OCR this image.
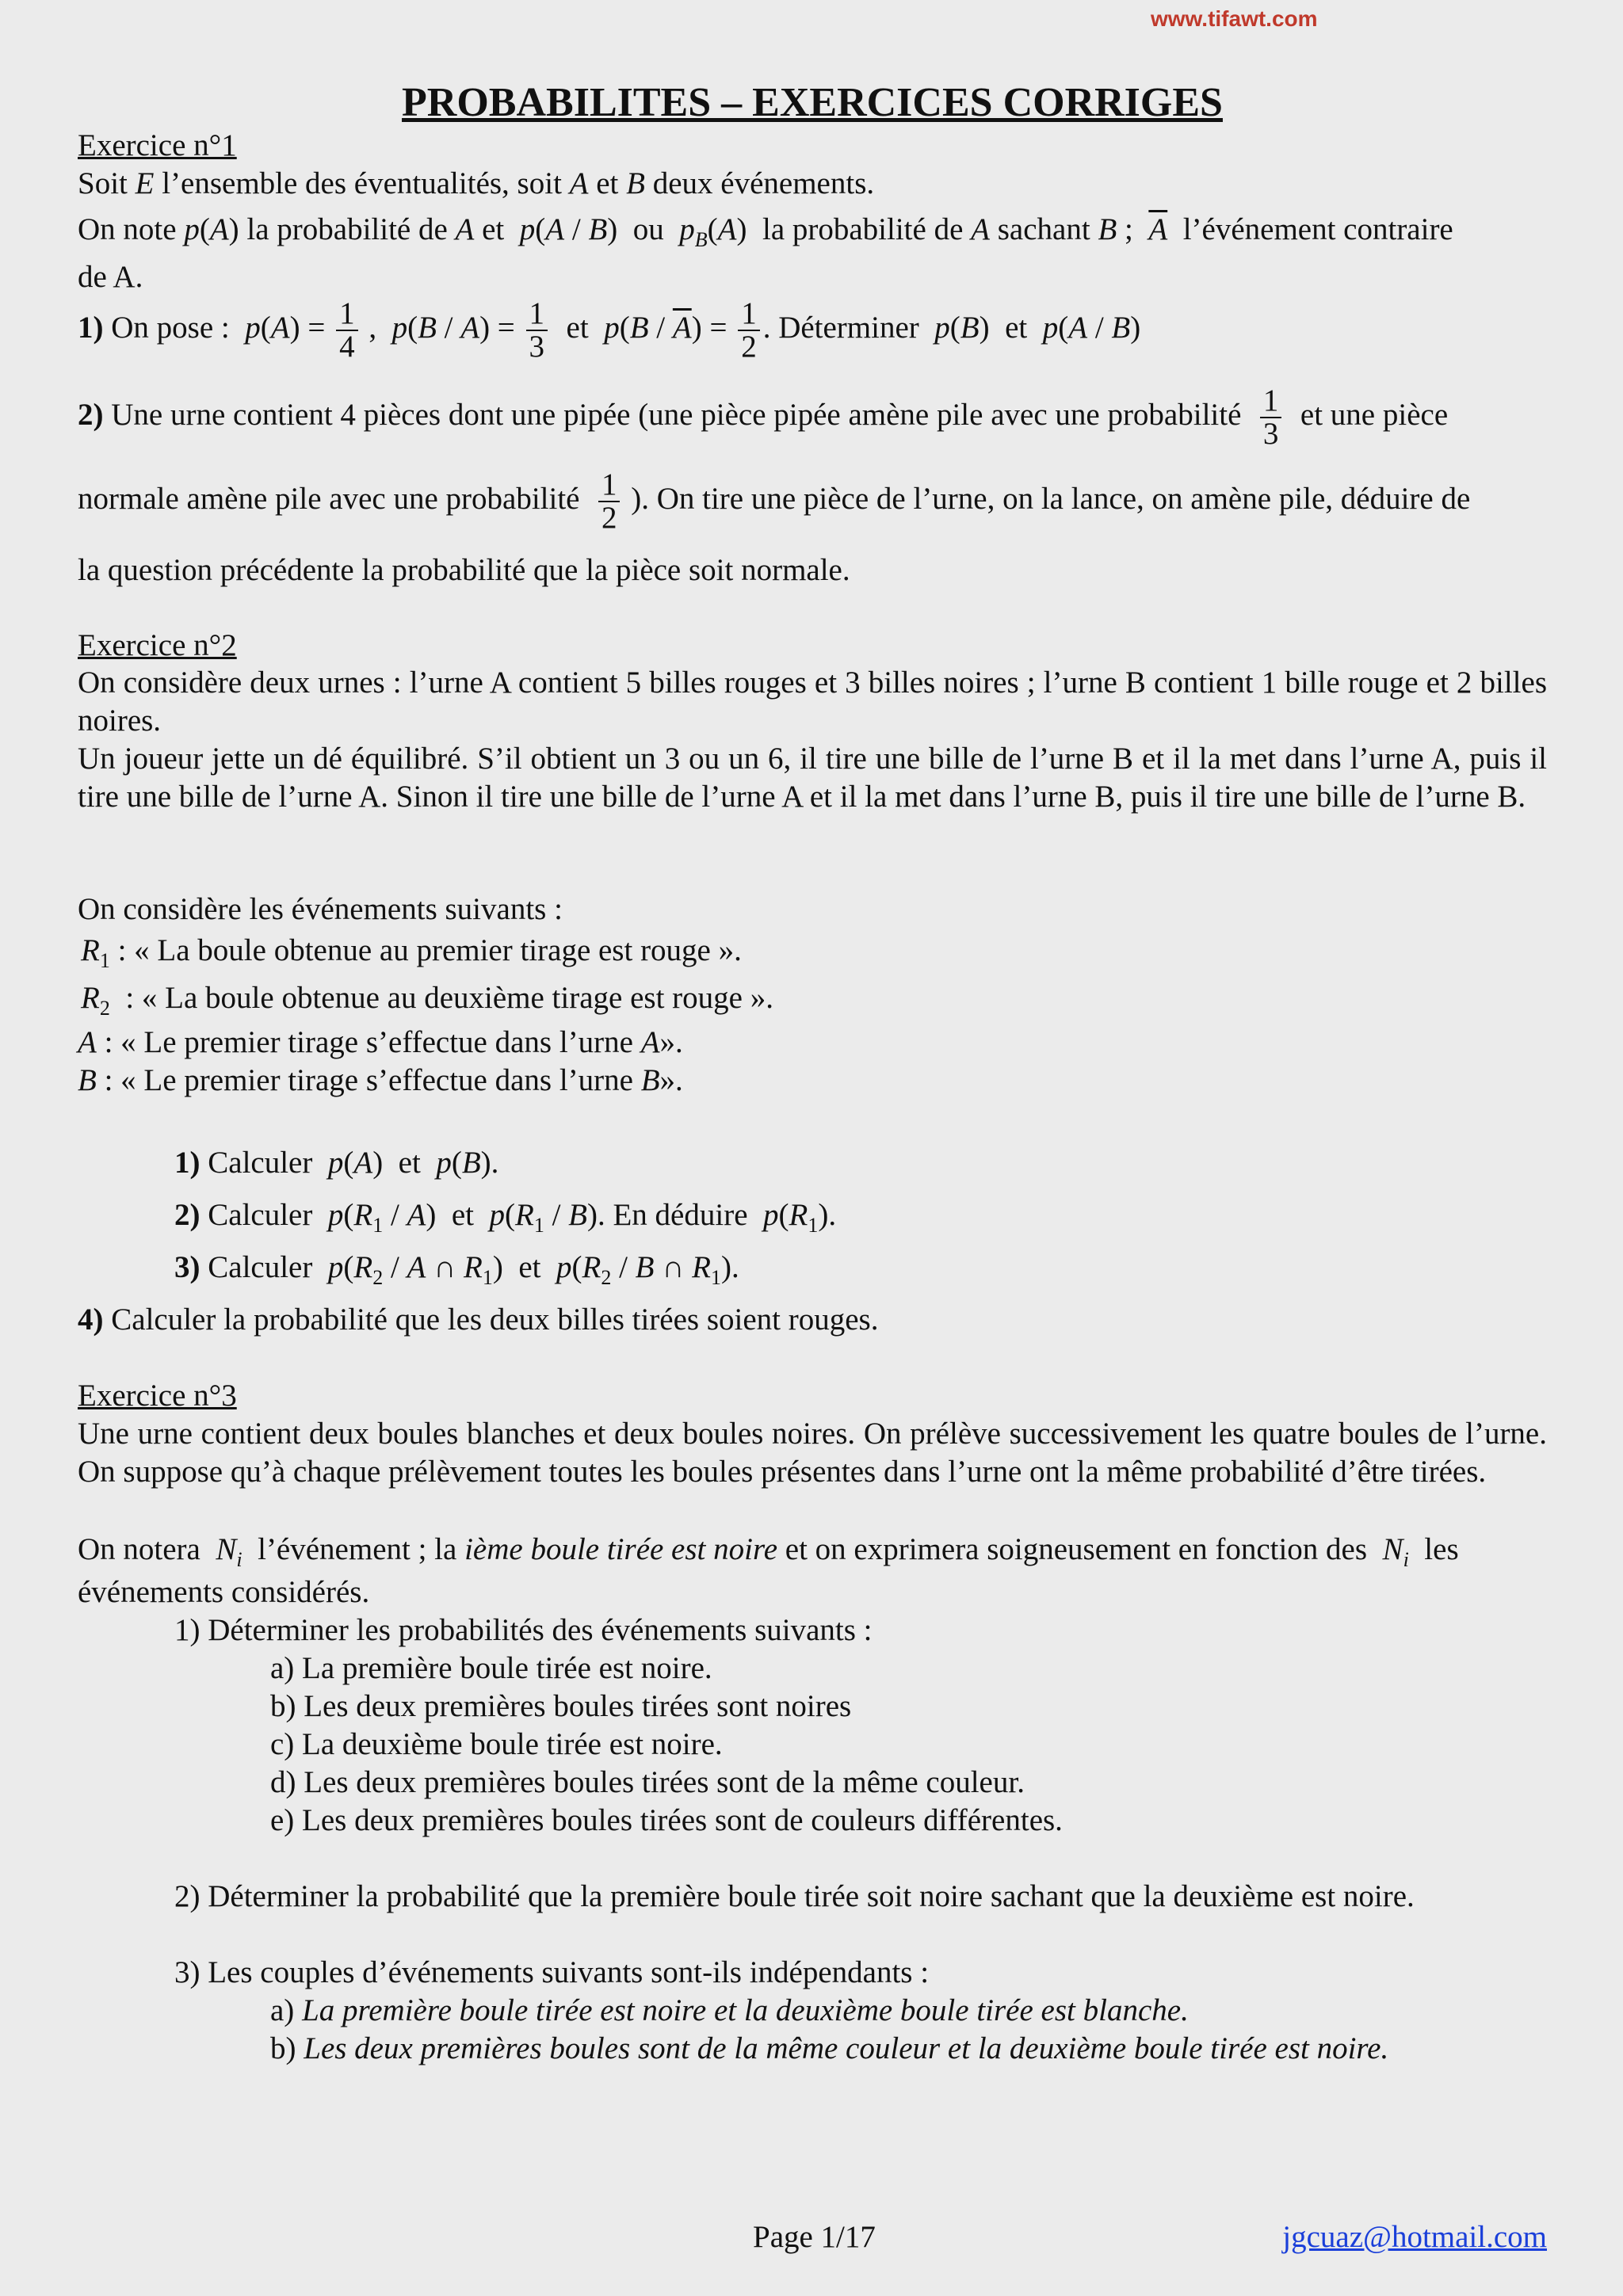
www.tifawt.com
PROBABILITES – EXERCICES CORRIGES
Exercice n°1
Soit E l’ensemble des éventualités, soit A et B deux événements.
On note p(A) la probabilité de A et  p(A / B)  ou  $p_B(A)$  la probabilité de A sachant B ;  $\overline{A}$  l’événement contraire
de A.
1) On pose :  $p(A) = \frac{1}{4}$ ,  $p(B / A) = \frac{1}{3}$ et  $p(B / \overline{A}) = \frac{1}{2}$ . Déterminer  p(B)  et  p(A / B)
2) Une urne contient 4 pièces dont une pipée (une pièce pipée amène pile avec une probabilité $\frac{1}{3}$ et une pièce
normale amène pile avec une probabilité $\frac{1}{2}$ ). On tire une pièce de l’urne, on la lance, on amène pile, déduire de
la question précédente la probabilité que la pièce soit normale.
Exercice n°2
On considère deux urnes : l’urne A contient 5 billes rouges et 3 billes noires ; l’urne B contient 1 bille rouge et 2 billes noires.
Un joueur jette un dé équilibré. S’il obtient un 3 ou un 6, il tire une bille de l’urne B et il la met dans l’urne A, puis il tire une bille de l’urne A. Sinon il tire une bille de l’urne A et il la met dans l’urne B, puis il tire une bille de l’urne B.
On considère les événements suivants :
$R_1$ : « La boule obtenue au premier tirage est rouge ».
$R_2$ : « La boule obtenue au deuxième tirage est rouge ».
A : « Le premier tirage s’effectue dans l’urne A».
B : « Le premier tirage s’effectue dans l’urne B».
1) Calculer  p(A)  et  p(B).
2) Calculer  $p(R_1 / A)$  et  $p(R_1 / B)$. En déduire  $p(R_1)$.
3) Calculer  $p(R_2$ / A ∩ $R_1$)  et  $p(R_2$ / B ∩ $R_1$).
4) Calculer la probabilité que les deux billes tirées soient rouges.
Exercice n°3
Une urne contient deux boules blanches et deux boules noires. On prélève successivement les quatre boules de l’urne. On suppose qu’à chaque prélèvement toutes les boules présentes dans l’urne ont la même probabilité d’être tirées.
On notera  $N_i$  l’événement ; la ième boule tirée est noire et on exprimera soigneusement en fonction des  $N_i$  les
événements considérés.
1) Déterminer les probabilités des événements suivants :
a) La première boule tirée est noire.
b) Les deux premières boules tirées sont noires
c) La deuxième boule tirée est noire.
d) Les deux premières boules tirées sont de la même couleur.
e) Les deux premières boules tirées sont de couleurs différentes.
2) Déterminer la probabilité que la première boule tirée soit noire sachant que la deuxième est noire.
3) Les couples d’événements suivants sont-ils indépendants :
a) La première boule tirée est noire et la deuxième boule tirée est blanche.
b) Les deux premières boules sont de la même couleur et la deuxième boule tirée est noire.
Page 1/17	jgcuaz@hotmail.com
